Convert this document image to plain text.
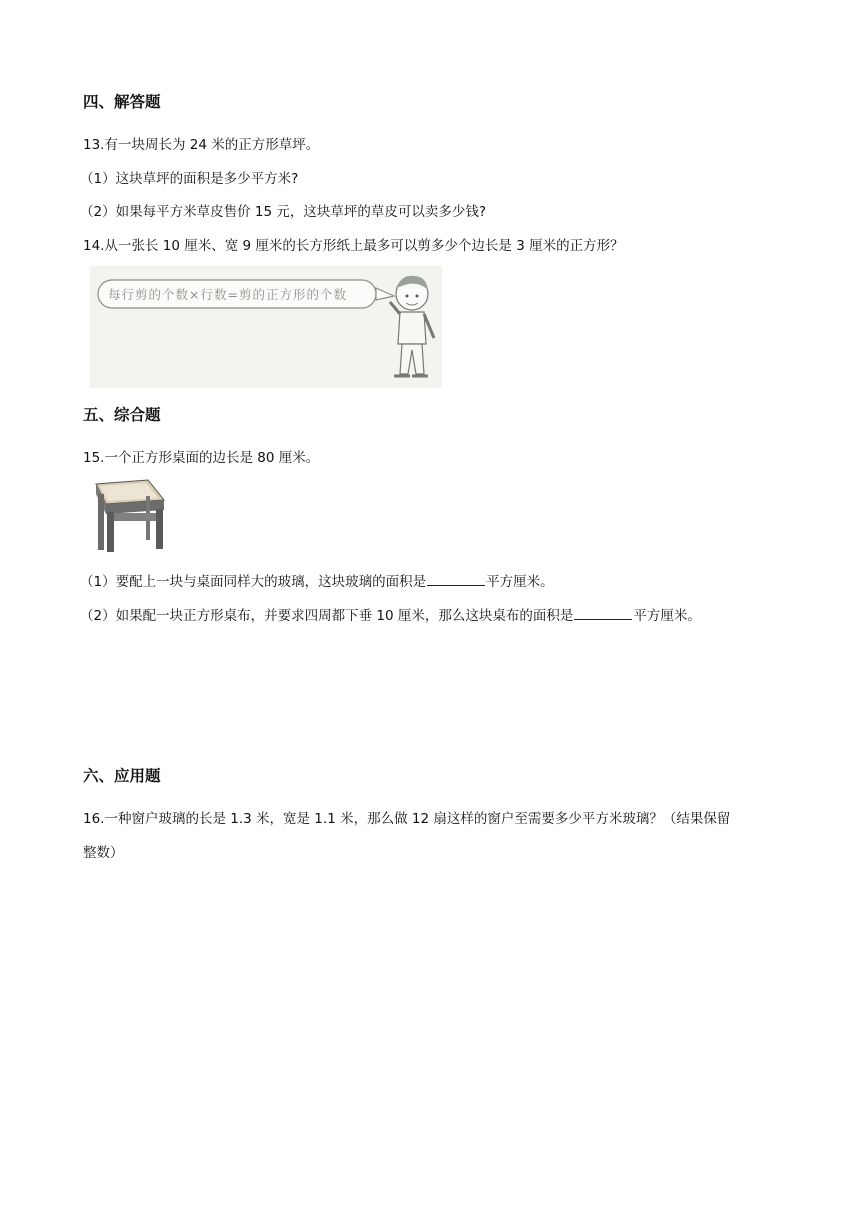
四、解答题
13.有一块周长为 24 米的正方形草坪。
（1）这块草坪的面积是多少平方米?
（2）如果每平方米草皮售价 15 元，这块草坪的草皮可以卖多少钱?
14.从一张长 10 厘米、宽 9 厘米的长方形纸上最多可以剪多少个边长是 3 厘米的正方形？
每行剪的个数×行数=剪的正方形的个数
五、综合题
15.一个正方形桌面的边长是 80 厘米。
（1）要配上一块与桌面同样大的玻璃，这块玻璃的面积是	平方厘米。
（2）如果配一块正方形桌布，并要求四周都下垂 10 厘米，那么这块桌布的面积是	平方厘米。
六、应用题
16.一种窗户玻璃的长是 1.3 米，宽是 1.1 米，那么做 12 扇这样的窗户至需要多少平方米玻璃？（结果保留
整数）
